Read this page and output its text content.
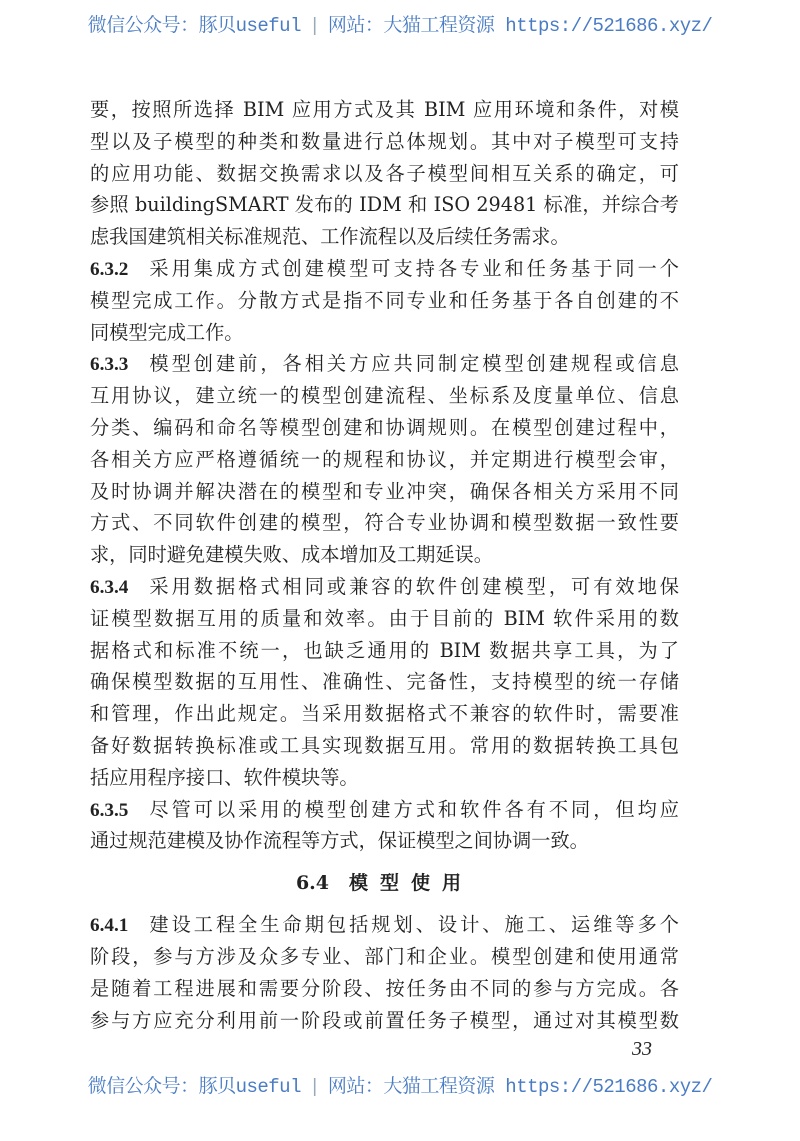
微信公众号：豚贝useful | 网站：大猫工程资源 https://521686.xyz/
要，按照所选择 BIM 应用方式及其 BIM 应用环境和条件，对模
型以及子模型的种类和数量进行总体规划。其中对子模型可支持
的应用功能、数据交换需求以及各子模型间相互关系的确定，可
参照 buildingSMART 发布的 IDM 和 ISO 29481 标准，并综合考
虑我国建筑相关标准规范、工作流程以及后续任务需求。
6.3.2 采用集成方式创建模型可支持各专业和任务基于同一个
模型完成工作。分散方式是指不同专业和任务基于各自创建的不
同模型完成工作。
6.3.3 模型创建前，各相关方应共同制定模型创建规程或信息
互用协议，建立统一的模型创建流程、坐标系及度量单位、信息
分类、编码和命名等模型创建和协调规则。在模型创建过程中，
各相关方应严格遵循统一的规程和协议，并定期进行模型会审，
及时协调并解决潜在的模型和专业冲突，确保各相关方采用不同
方式、不同软件创建的模型，符合专业协调和模型数据一致性要
求，同时避免建模失败、成本增加及工期延误。
6.3.4 采用数据格式相同或兼容的软件创建模型，可有效地保
证模型数据互用的质量和效率。由于目前的 BIM 软件采用的数
据格式和标准不统一，也缺乏通用的 BIM 数据共享工具，为了
确保模型数据的互用性、准确性、完备性，支持模型的统一存储
和管理，作出此规定。当采用数据格式不兼容的软件时，需要准
备好数据转换标准或工具实现数据互用。常用的数据转换工具包
括应用程序接口、软件模块等。
6.3.5 尽管可以采用的模型创建方式和软件各有不同，但均应
通过规范建模及协作流程等方式，保证模型之间协调一致。
6.4 模型使用
6.4.1 建设工程全生命期包括规划、设计、施工、运维等多个
阶段，参与方涉及众多专业、部门和企业。模型创建和使用通常
是随着工程进展和需要分阶段、按任务由不同的参与方完成。各
参与方应充分利用前一阶段或前置任务子模型，通过对其模型数
33
微信公众号：豚贝useful | 网站：大猫工程资源 https://521686.xyz/
